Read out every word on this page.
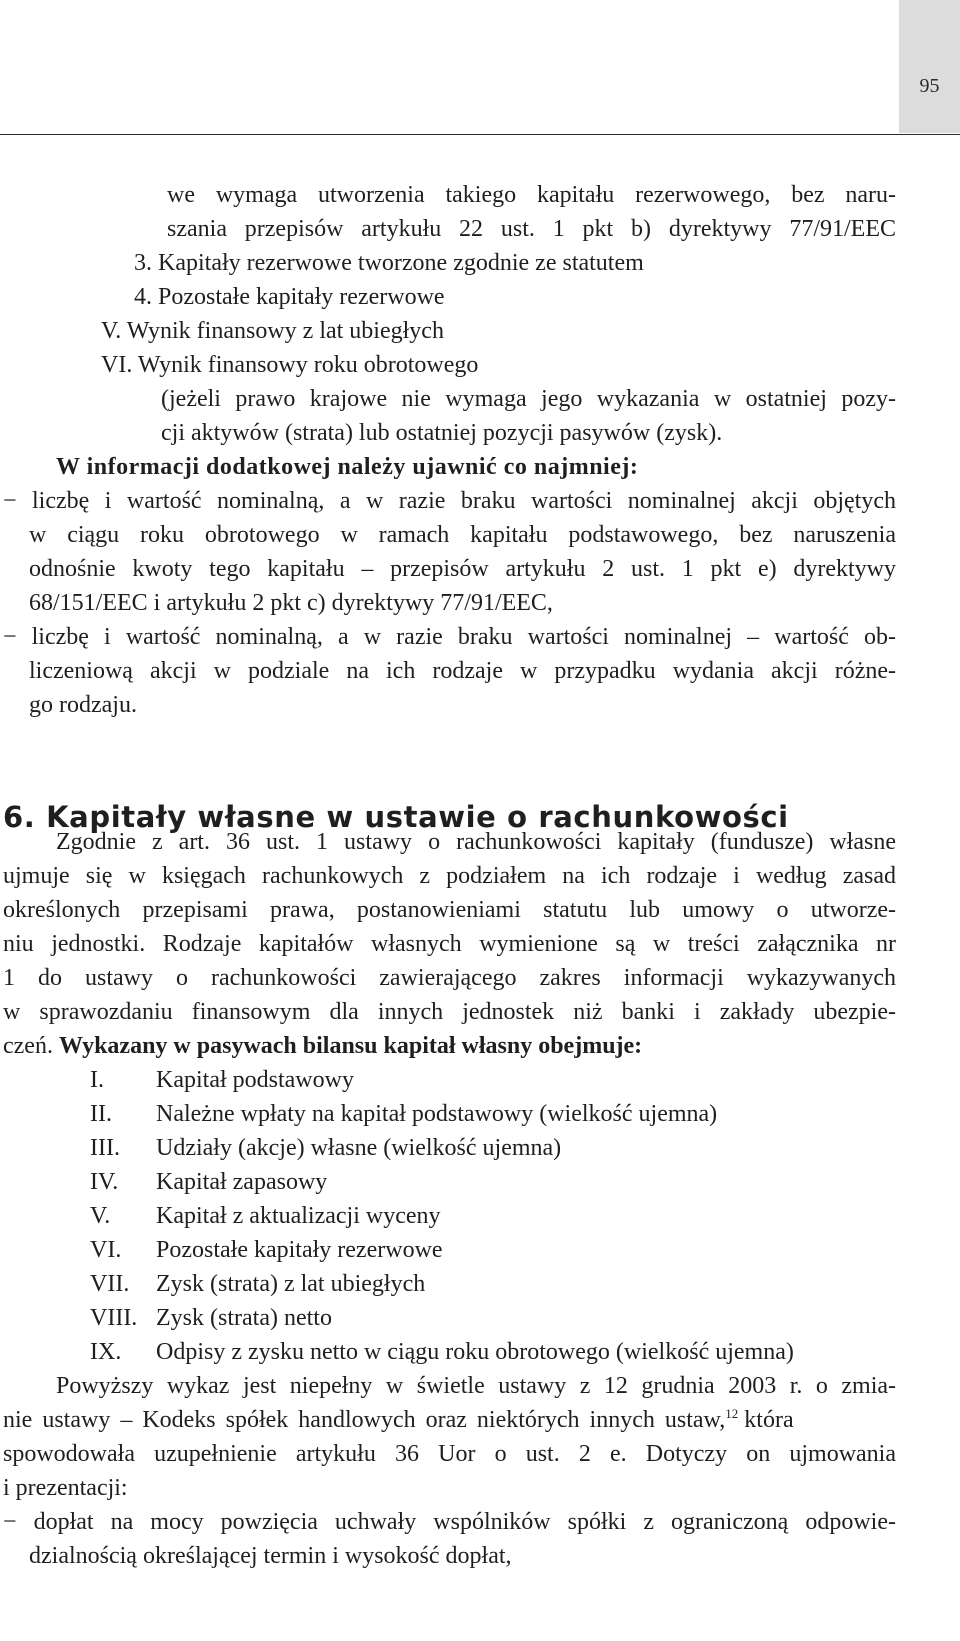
95
we wymaga utworzenia takiego kapitału rezerwowego, bez naru-
szania przepisów artykułu 22 ust. 1 pkt b) dyrektywy 77/91/EEC
3. Kapitały rezerwowe tworzone zgodnie ze statutem
4. Pozostałe kapitały rezerwowe
V. Wynik finansowy z lat ubiegłych
VI. Wynik finansowy roku obrotowego
(jeżeli prawo krajowe nie wymaga jego wykazania w ostatniej pozy-
cji aktywów (strata) lub ostatniej pozycji pasywów (zysk).
W informacji dodatkowej należy ujawnić co najmniej:
− liczbę i wartość nominalną, a w razie braku wartości nominalnej akcji objętych
w ciągu roku obrotowego w ramach kapitału podstawowego, bez naruszenia
odnośnie kwoty tego kapitału – przepisów artykułu 2 ust. 1 pkt e) dyrektywy
68/151/EEC i artykułu 2 pkt c) dyrektywy 77/91/EEC,
− liczbę i wartość nominalną, a w razie braku wartości nominalnej – wartość ob-
liczeniową akcji w podziale na ich rodzaje w przypadku wydania akcji różne-
go rodzaju.
6. Kapitały własne w ustawie o rachunkowości
Zgodnie z art. 36 ust. 1 ustawy o rachunkowości kapitały (fundusze) własne
ujmuje się w księgach rachunkowych z podziałem na ich rodzaje i według zasad
określonych przepisami prawa, postanowieniami statutu lub umowy o utworze-
niu jednostki. Rodzaje kapitałów własnych wymienione są w treści załącznika nr
1 do ustawy o rachunkowości zawierającego zakres informacji wykazywanych
w sprawozdaniu finansowym dla innych jednostek niż banki i zakłady ubezpie-
czeń. Wykazany w pasywach bilansu kapitał własny obejmuje:
I. Kapitał podstawowy
II. Należne wpłaty na kapitał podstawowy (wielkość ujemna)
III. Udziały (akcje) własne (wielkość ujemna)
IV. Kapitał zapasowy
V. Kapitał z aktualizacji wyceny
VI. Pozostałe kapitały rezerwowe
VII. Zysk (strata) z lat ubiegłych
VIII. Zysk (strata) netto
IX. Odpisy z zysku netto w ciągu roku obrotowego (wielkość ujemna)
Powyższy wykaz jest niepełny w świetle ustawy z 12 grudnia 2003 r. o zmia-
nie ustawy – Kodeks spółek handlowych oraz niektórych innych ustaw,$^{12}$ która
spowodowała uzupełnienie artykułu 36 Uor o ust. 2 e. Dotyczy on ujmowania
i prezentacji:
− dopłat na mocy powzięcia uchwały wspólników spółki z ograniczoną odpowie-
dzialnością określającej termin i wysokość dopłat,
